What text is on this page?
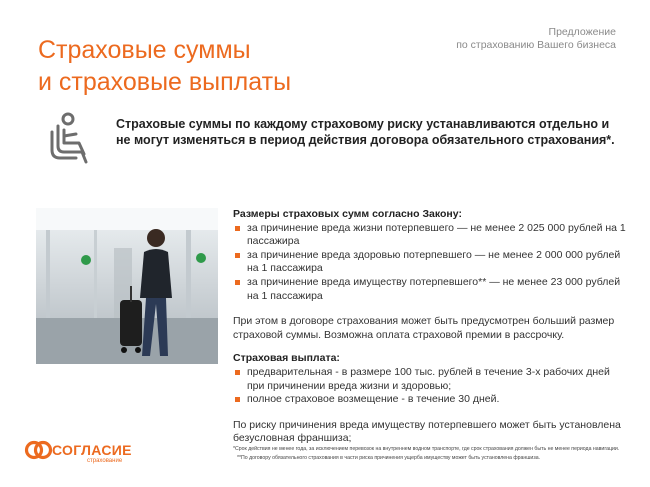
Предложение
по страхованию Вашего бизнеса
Страховые суммы
и страховые выплаты
Страховые суммы по каждому страховому риску устанавливаются отдельно и не могут изменяться в период действия договора обязательного страхования*.
Размеры страховых сумм согласно Закону:
за причинение вреда жизни потерпевшего — не менее 2 025 000 рублей на 1 пассажира
за причинение вреда здоровью потерпевшего — не менее 2 000 000 рублей на 1 пассажира
за причинение вреда имуществу потерпевшего** — не менее 23 000 рублей на 1 пассажира

При этом в договоре страхования может быть предусмотрен больший размер страховой суммы. Возможна оплата страховой премии в рассрочку.

Страховая выплата:
предварительная - в размере 100 тыс. рублей в течение 3-х рабочих дней при причинении вреда жизни и здоровью;
полное страховое возмещение - в течение 30 дней.

По риску причинения вреда имуществу потерпевшего может быть установлена безусловная франшиза;

СОГЛАСИЕ
страхование
*Срок действия не менее года, за исключением перевозок на внутреннем водном транспорте, где срок страхования должен быть не менее периода навигации.
**По договору обязательного страхования в части риска причинения ущерба имуществу может быть установлена франшиза.
